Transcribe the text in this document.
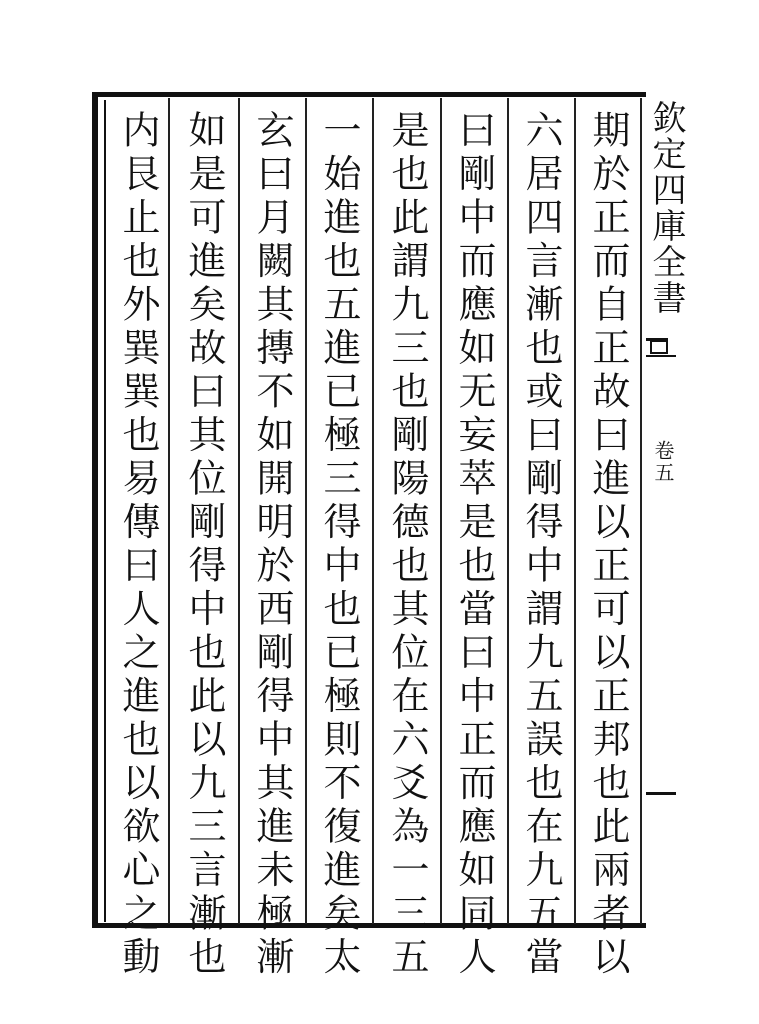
期於正而自正故曰進以正可以正邦也此兩者以
六居四言漸也或曰剛得中謂九五誤也在九五當
曰剛中而應如无妄萃是也當曰中正而應如同人
是也此謂九三也剛陽德也其位在六爻為一三五
一始進也五進已極三得中也已極則不復進矣太
玄曰月闕其摶不如開明於西剛得中其進未極漸
如是可進矣故曰其位剛得中也此以九三言漸也
内艮止也外巽巽也易傳曰人之進也以欲心之動	欽定四庫全書
卷五
